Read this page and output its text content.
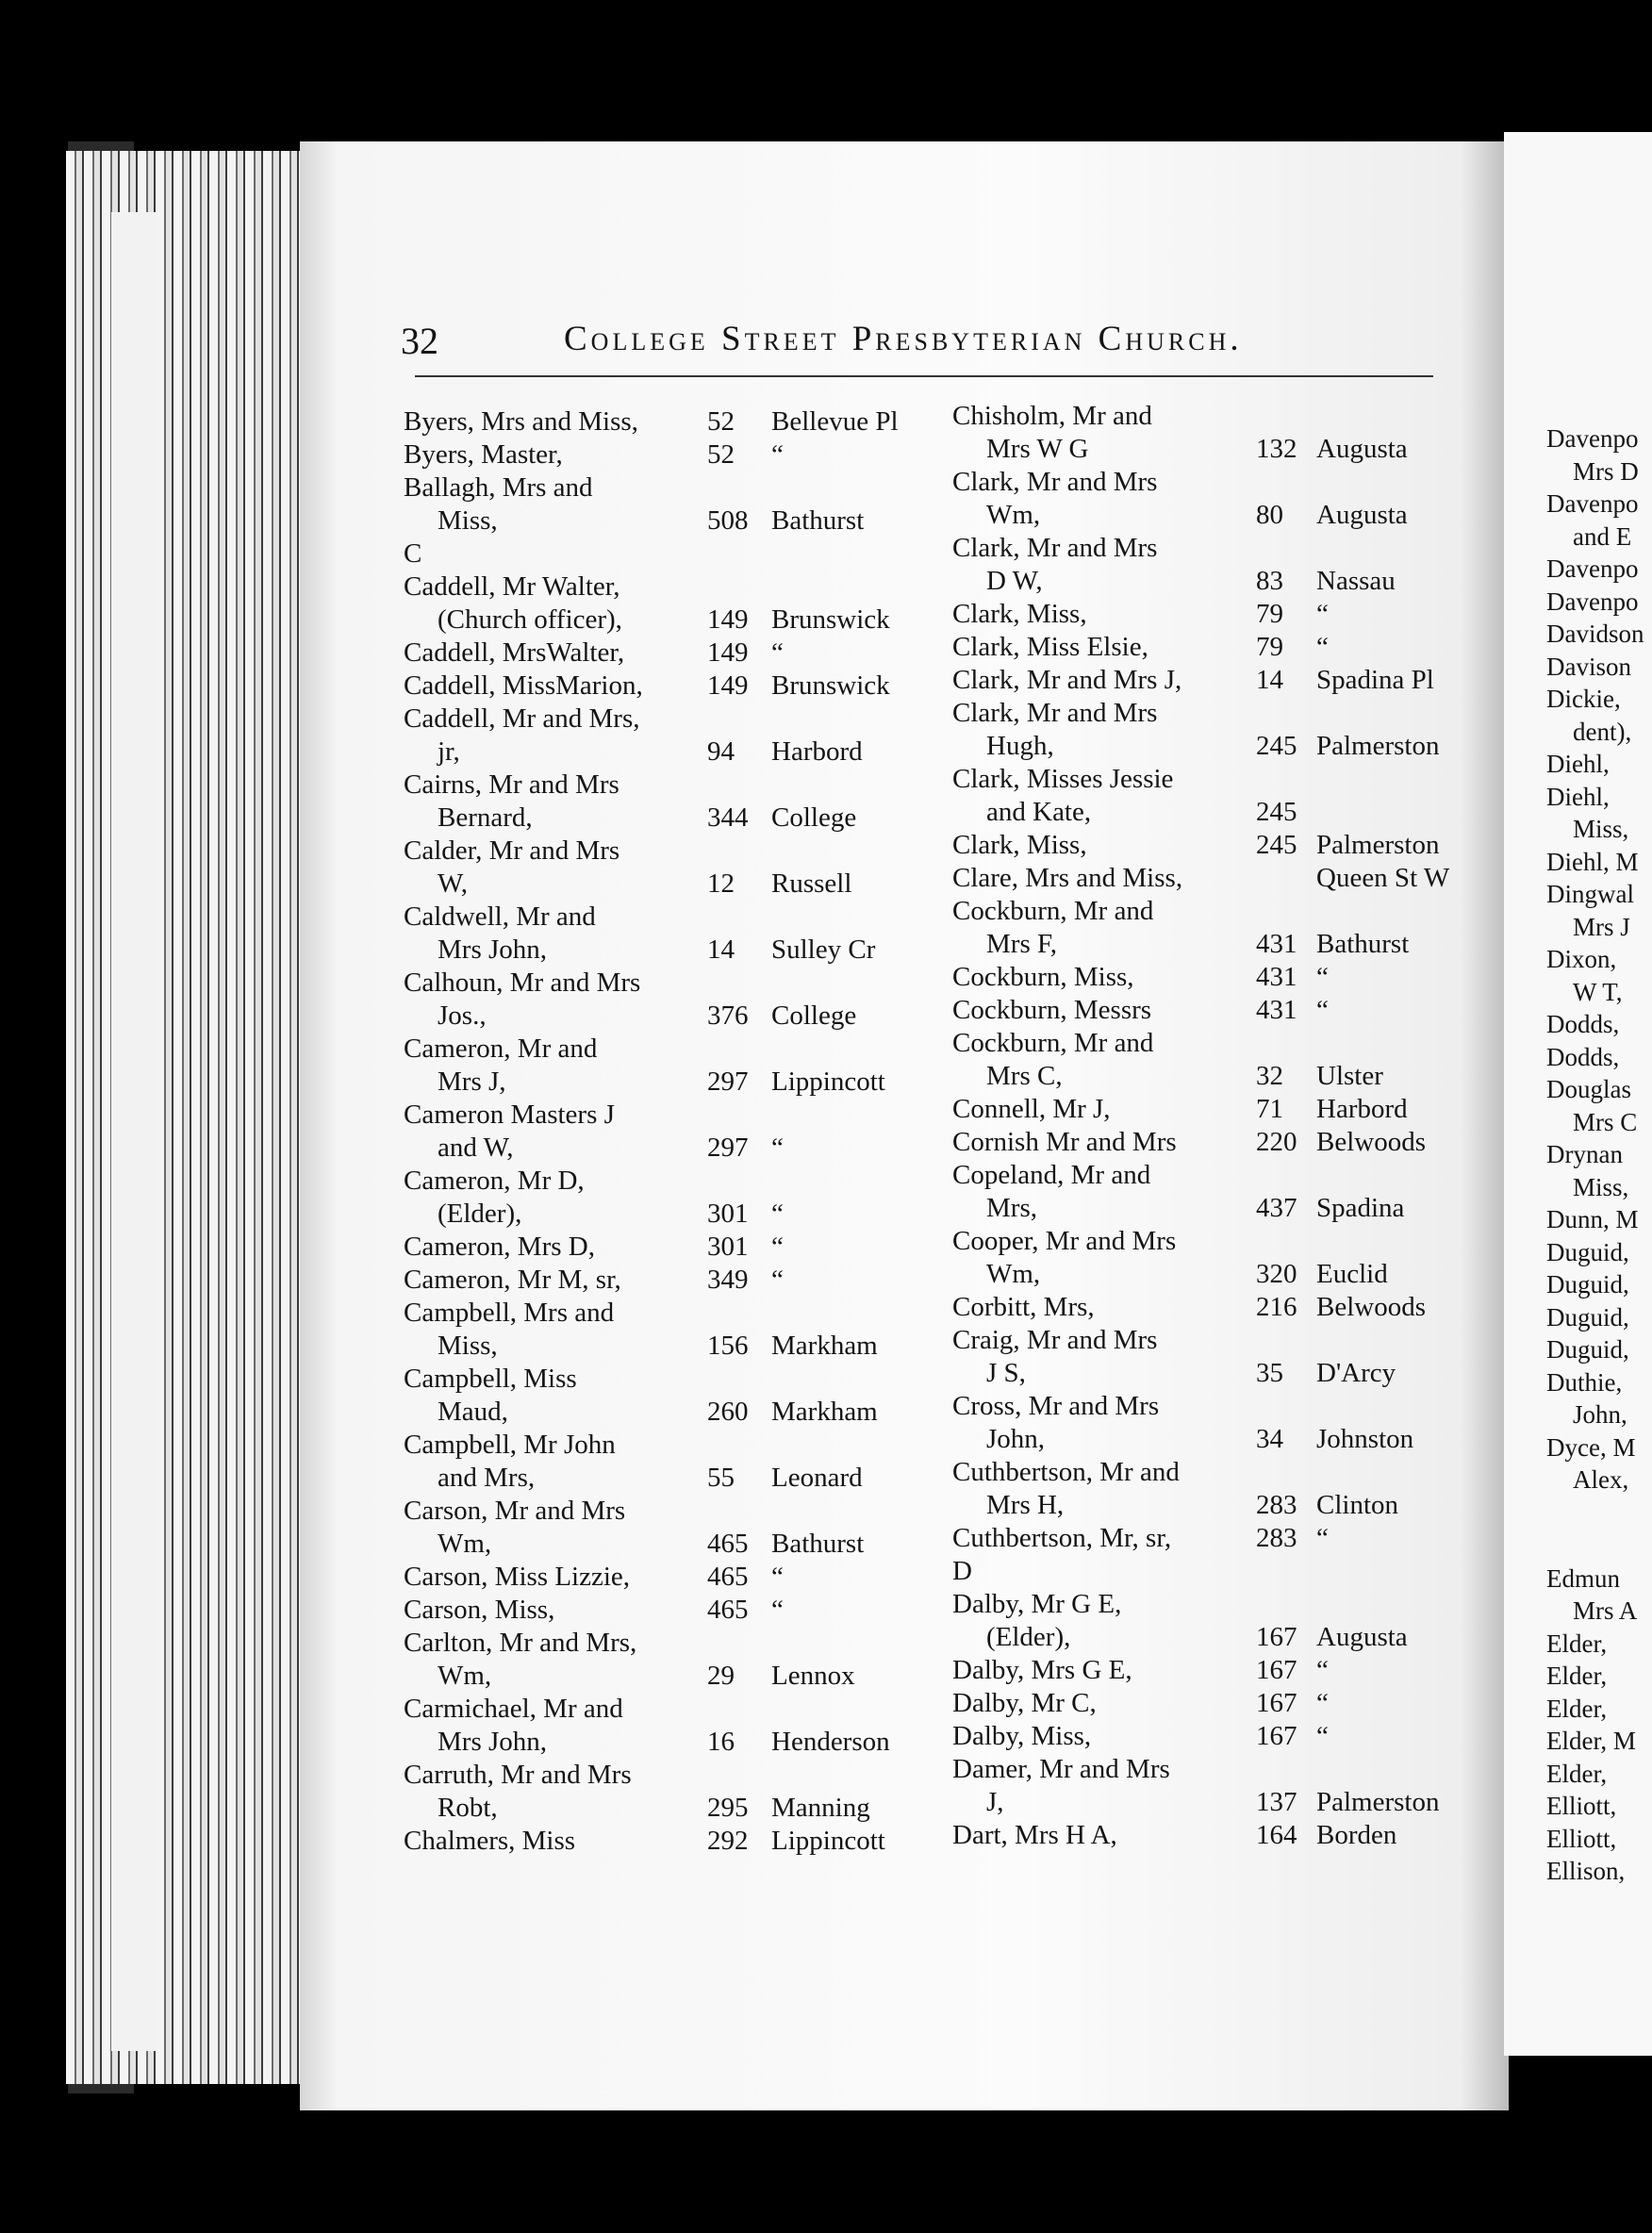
32	College Street Presbyterian Church.
Byers, Mrs and Miss,	52	Bellevue Pl
Byers, Master,	52	“
Ballagh, Mrs and
Miss,	508 Bathurst
C
Caddell, Mr Walter,
(Church officer),	149 Brunswick
Caddell, MrsWalter,	149 “
Caddell, MissMarion,	149 Brunswick
Caddell, Mr and Mrs,
jr,	94	Harbord
Cairns, Mr and Mrs
Bernard,	344 College
Calder, Mr and Mrs
W,	12	Russell
Caldwell, Mr and
Mrs John,	14	Sulley Cr
Calhoun, Mr and Mrs
Jos.,	376 College
Cameron, Mr and
Mrs J,	297 Lippincott
Cameron Masters J
and W,	297 “
Cameron, Mr D,
(Elder),	301 “
Cameron, Mrs D,	301 “
Cameron, Mr M, sr,	349 “
Campbell, Mrs and
Miss,	156 Markham
Campbell, Miss
Maud,	260 Markham
Campbell, Mr John
and Mrs,	55	Leonard
Carson, Mr and Mrs
Wm,	465 Bathurst
Carson, Miss Lizzie,	465 “
Carson, Miss,	465 “
Carlton, Mr and Mrs,
Wm,	29	Lennox
Carmichael, Mr and
Mrs John,	16	Henderson
Carruth, Mr and Mrs
Robt,	295 Manning
Chalmers, Miss	292 Lippincott
Chisholm, Mr and
Mrs W G	132 Augusta
Clark, Mr and Mrs
Wm,	80	Augusta
Clark, Mr and Mrs
D W,	83	Nassau
Clark, Miss,	79	“
Clark, Miss Elsie,	79	“
Clark, Mr and Mrs J,	14	Spadina Pl
Clark, Mr and Mrs
Hugh,	245 Palmerston
Clark, Misses Jessie
and Kate,	245
Clark, Miss,	245 Palmerston
Clare, Mrs and Miss,	Queen St W
Cockburn, Mr and
Mrs F,	431 Bathurst
Cockburn, Miss,	431 “
Cockburn, Messrs	431 “
Cockburn, Mr and
Mrs C,	32	Ulster
Connell, Mr J,	71	Harbord
Cornish Mr and Mrs	220 Belwoods
Copeland, Mr and
Mrs,	437 Spadina
Cooper, Mr and Mrs
Wm,	320 Euclid
Corbitt, Mrs,	216 Belwoods
Craig, Mr and Mrs
J S,	35	D'Arcy
Cross, Mr and Mrs
John,	34	Johnston
Cuthbertson, Mr and
Mrs H,	283 Clinton
Cuthbertson, Mr, sr,	283 “
D
Dalby, Mr G E,
(Elder),	167 Augusta
Dalby, Mrs G E,	167 “
Dalby, Mr C,	167 “
Dalby, Miss,	167 “
Damer, Mr and Mrs
J,	137 Palmerston
Dart, Mrs H A,	164 Borden
Davenpo
Mrs D
Davenpo
and E
Davenpo
Davenpo
Davidson
Davison
Dickie,
dent),
Diehl,
Diehl,
Miss,
Diehl, M
Dingwal
Mrs J
Dixon,
W T,
Dodds,
Dodds,
Douglas
Mrs C
Drynan
Miss,
Dunn, M
Duguid,
Duguid,
Duguid,
Duguid,
Duthie,
John,
Dyce, M
Alex,
Edmun
Mrs A
Elder,
Elder,
Elder,
Elder, M
Elder,
Elliott,
Elliott,
Ellison,
